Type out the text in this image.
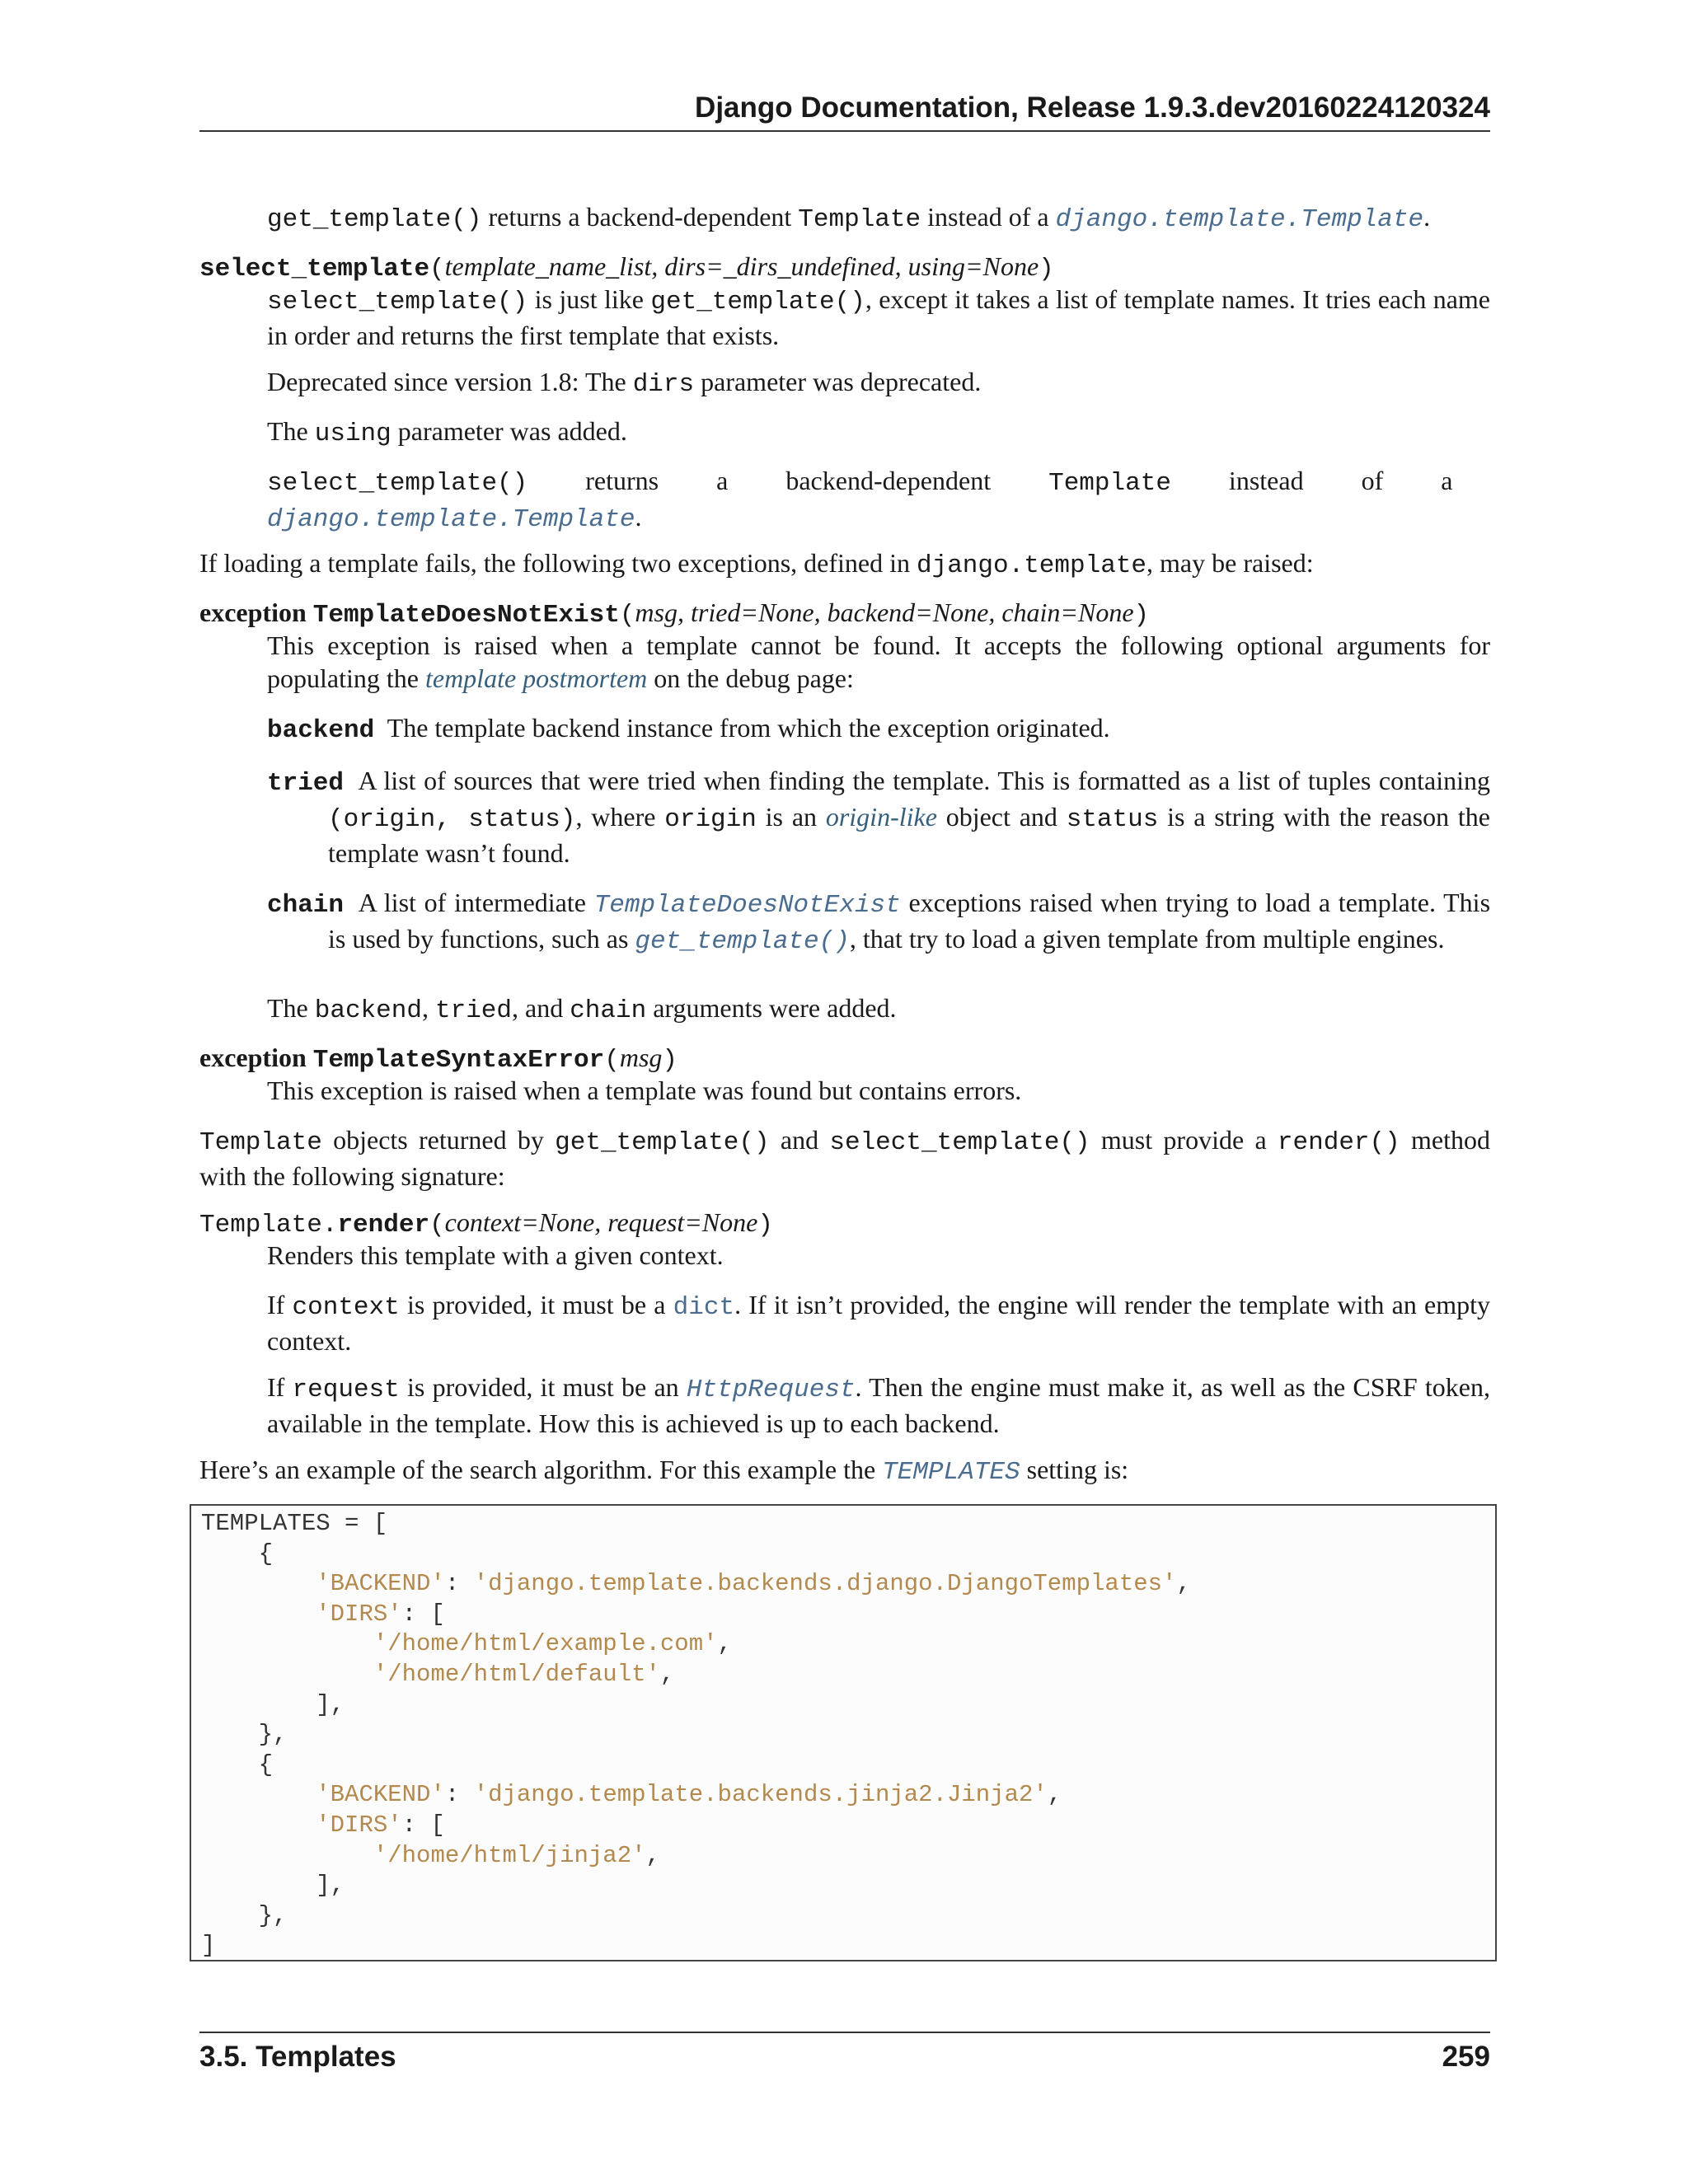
Django Documentation, Release 1.9.3.dev20160224120324

get_template() returns a backend-dependent Template instead of a django.template.Template.

select_template(template_name_list, dirs=_dirs_undefined, using=None)

select_template() is just like get_template(), except it takes a list of template names. It tries each name in order and returns the first template that exists.

Deprecated since version 1.8: The dirs parameter was deprecated.

The using parameter was added.

select_template() returns a backend-dependent Template instead of a
django.template.Template.

If loading a template fails, the following two exceptions, defined in django.template, may be raised:

exception TemplateDoesNotExist(msg, tried=None, backend=None, chain=None)

This exception is raised when a template cannot be found. It accepts the following optional arguments for populating the template postmortem on the debug page:

backend The template backend instance from which the exception originated.

tried A list of sources that were tried when finding the template. This is formatted as a list of tuples containing (origin, status), where origin is an origin-like object and status is a string with the reason the template wasn’t found.

chain A list of intermediate TemplateDoesNotExist exceptions raised when trying to load a template. This is used by functions, such as get_template(), that try to load a given template from multiple engines.

The backend, tried, and chain arguments were added.

exception TemplateSyntaxError(msg)

This exception is raised when a template was found but contains errors.

Template objects returned by get_template() and select_template() must provide a render() method with the following signature:

Template.render(context=None, request=None)

Renders this template with a given context.

If context is provided, it must be a dict. If it isn’t provided, the engine will render the template with an empty context.

If request is provided, it must be an HttpRequest. Then the engine must make it, as well as the CSRF token, available in the template. How this is achieved is up to each backend.

Here’s an example of the search algorithm. For this example the TEMPLATES setting is:

TEMPLATES = [
{
'BACKEND': 'django.template.backends.django.DjangoTemplates',
'DIRS': [
'/home/html/example.com',
'/home/html/default',
],
},
{
'BACKEND': 'django.template.backends.jinja2.Jinja2',
'DIRS': [
'/home/html/jinja2',
],
},
]
3.5. Templates	259
